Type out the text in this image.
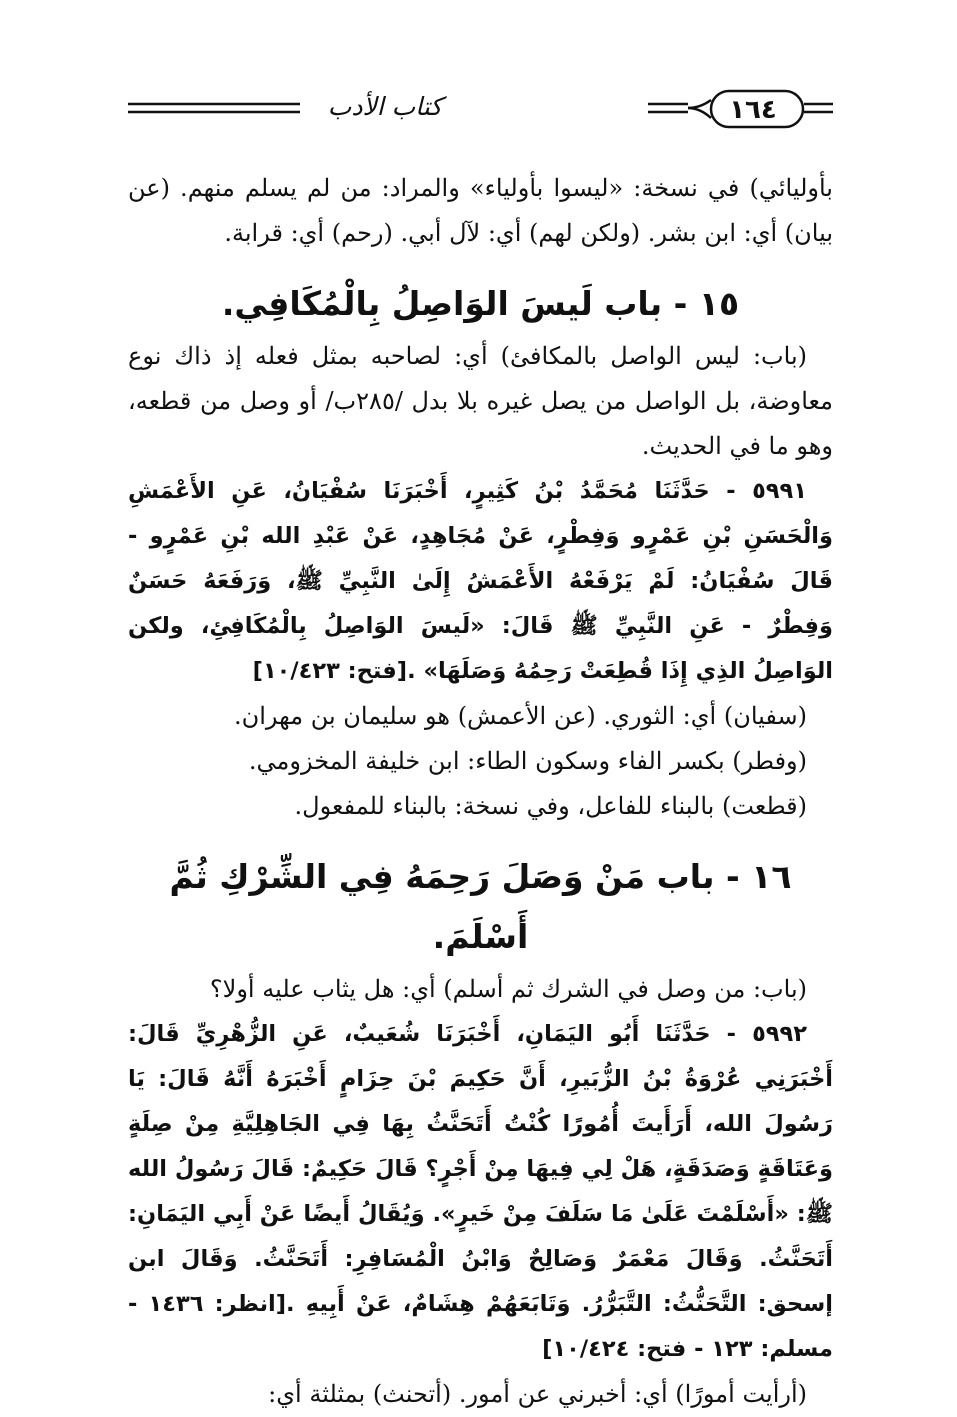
١٦٤
كتاب الأدب

بأوليائي) في نسخة: «ليسوا بأولياء» والمراد: من لم يسلم منهم. (عن بيان) أي: ابن بشر. (ولكن لهم) أي: لآل أبي. (رحم) أي: قرابة.

١٥ - باب لَيسَ الوَاصِلُ بِالْمُكَافِي.

(باب: ليس الواصل بالمكافئ) أي: لصاحبه بمثل فعله إذ ذاك نوع معاوضة، بل الواصل من يصل غيره بلا بدل /٢٨٥ب/ أو وصل من قطعه، وهو ما في الحديث.

٥٩٩١ - حَدَّثَنَا مُحَمَّدُ بْنُ كَثِيرٍ، أَخْبَرَنَا سُفْيَانُ، عَنِ الأَعْمَشِ وَالْحَسَنِ بْنِ عَمْرٍو وَفِطْرٍ، عَنْ مُجَاهِدٍ، عَنْ عَبْدِ الله بْنِ عَمْرٍو - قَالَ سُفْيَانُ: لَمْ يَرْفَعْهُ الأَعْمَشُ إِلَىٰ النَّبِيِّ ﷺ، وَرَفَعَهُ حَسَنٌ وَفِطْرٌ - عَنِ النَّبِيِّ ﷺ قَالَ: «لَيسَ الوَاصِلُ بِالْمُكَافِئِ، ولكن الوَاصِلُ الذِي إِذَا قُطِعَتْ رَحِمُهُ وَصَلَهَا» .[فتح: ١٠/٤٢٣]

(سفيان) أي: الثوري. (عن الأعمش) هو سليمان بن مهران.

(وفطر) بكسر الفاء وسكون الطاء: ابن خليفة المخزومي.

(قطعت) بالبناء للفاعل، وفي نسخة: بالبناء للمفعول.

١٦ - باب مَنْ وَصَلَ رَحِمَهُ فِي الشِّرْكِ ثُمَّ أَسْلَمَ.

(باب: من وصل في الشرك ثم أسلم) أي: هل يثاب عليه أولا؟

٥٩٩٢ - حَدَّثَنَا أَبُو اليَمَانِ، أَخْبَرَنَا شُعَيبٌ، عَنِ الزُّهْرِيِّ قَالَ: أَخْبَرَنِي عُرْوَةُ بْنُ الزُّبَيرِ، أَنَّ حَكِيمَ بْنَ حِزَامٍ أَخْبَرَهُ أَنَّهُ قَالَ: يَا رَسُولَ الله، أَرَأَيتَ أُمُورًا كُنْتُ أَتَحَنَّثُ بِهَا فِي الجَاهِلِيَّةِ مِنْ صِلَةٍ وَعَتَاقَةٍ وَصَدَقَةٍ، هَلْ لِي فِيهَا مِنْ أَجْرٍ؟ قَالَ حَكِيمٌ: قَالَ رَسُولُ الله ﷺ: «أَسْلَمْتَ عَلَىٰ مَا سَلَفَ مِنْ خَيرٍ». وَيُقَالُ أَيضًا عَنْ أَبِي اليَمَانِ: أَتَحَنَّثُ. وَقَالَ مَعْمَرٌ وَصَالِحٌ وَابْنُ الْمُسَافِرِ: أَتَحَنَّثُ. وَقَالَ ابن إسحق: التَّحَنُّثُ: التَّبَرُّرُ. وَتَابَعَهُمْ هِشَامٌ، عَنْ أَبِيهِ .[انظر: ١٤٣٦ - مسلم: ١٢٣ - فتح: ١٠/٤٢٤]

(أرأيت أمورًا) أي: أخبرني عن أمور. (أتحنث) بمثلثة أي:
